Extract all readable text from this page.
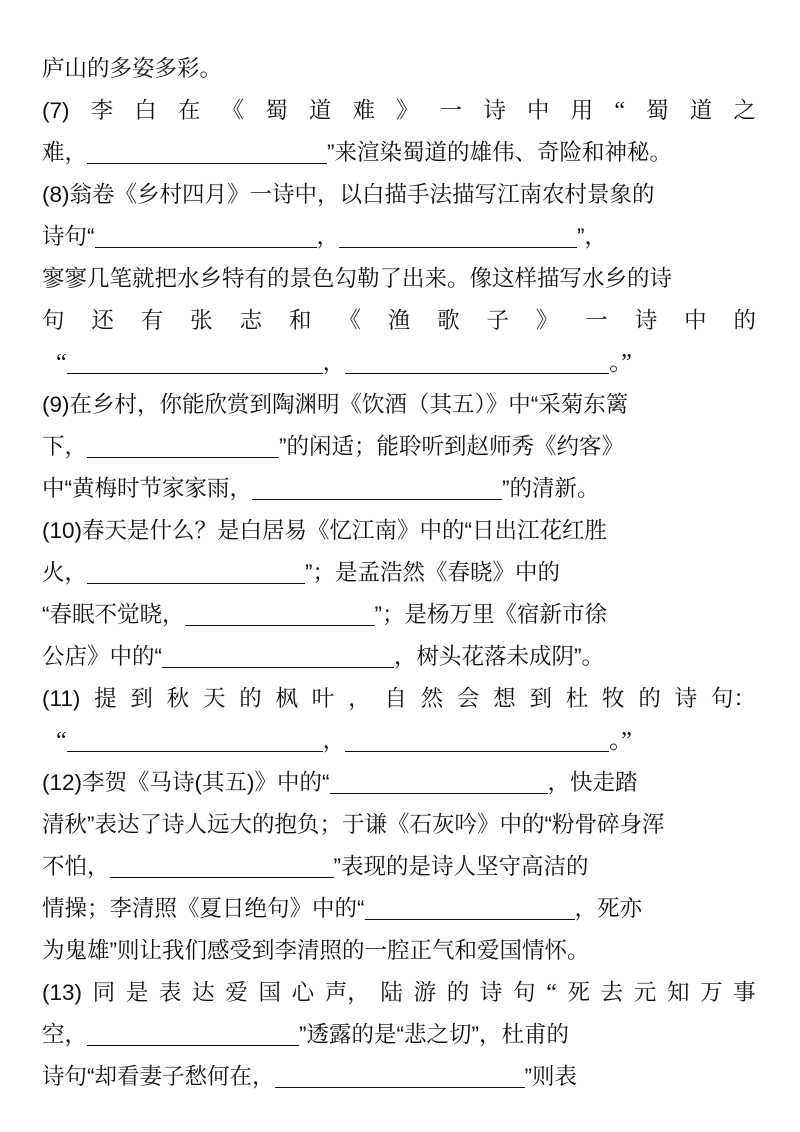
庐山的多姿多彩。
(7) 李 白 在 《 蜀 道 难 》 一 诗 中 用 “ 蜀 道 之
难，	”来渲染蜀道的雄伟、奇险和神秘。
(8)翁卷《乡村四月》一诗中，以白描手法描写江南农村景象的
诗句“	，	”，
寥寥几笔就把水乡特有的景色勾勒了出来。像这样描写水乡的诗
句 还 有 张 志 和 《 渔 歌 子 》 一 诗 中 的
“	，	。”
(9)在乡村，你能欣赏到陶渊明《饮酒（其五）》中“采菊东篱
下，	”的闲适；能聆听到赵师秀《约客》
中“黄梅时节家家雨，	”的清新。
(10)春天是什么？是白居易《忆江南》中的“日出江花红胜
火，	”；是孟浩然《春晓》中的
“春眠不觉晓，	”；是杨万里《宿新市徐
公店》中的“	，树头花落未成阴”。
(11) 提 到 秋 天 的 枫 叶 ， 自 然 会 想 到 杜 牧 的 诗 句：
“	，	。”
(12)李贺《马诗(其五)》中的“	，快走踏
清秋”表达了诗人远大的抱负；于谦《石灰吟》中的“粉骨碎身浑
不怕，	”表现的是诗人坚守高洁的
情操；李清照《夏日绝句》中的“	，死亦
为鬼雄”则让我们感受到李清照的一腔正气和爱国情怀。
(13) 同 是 表 达 爱 国 心 声， 陆 游 的 诗 句 “ 死 去 元 知 万 事
空，	”透露的是“悲之切”，杜甫的
诗句“却看妻子愁何在，	”则表
